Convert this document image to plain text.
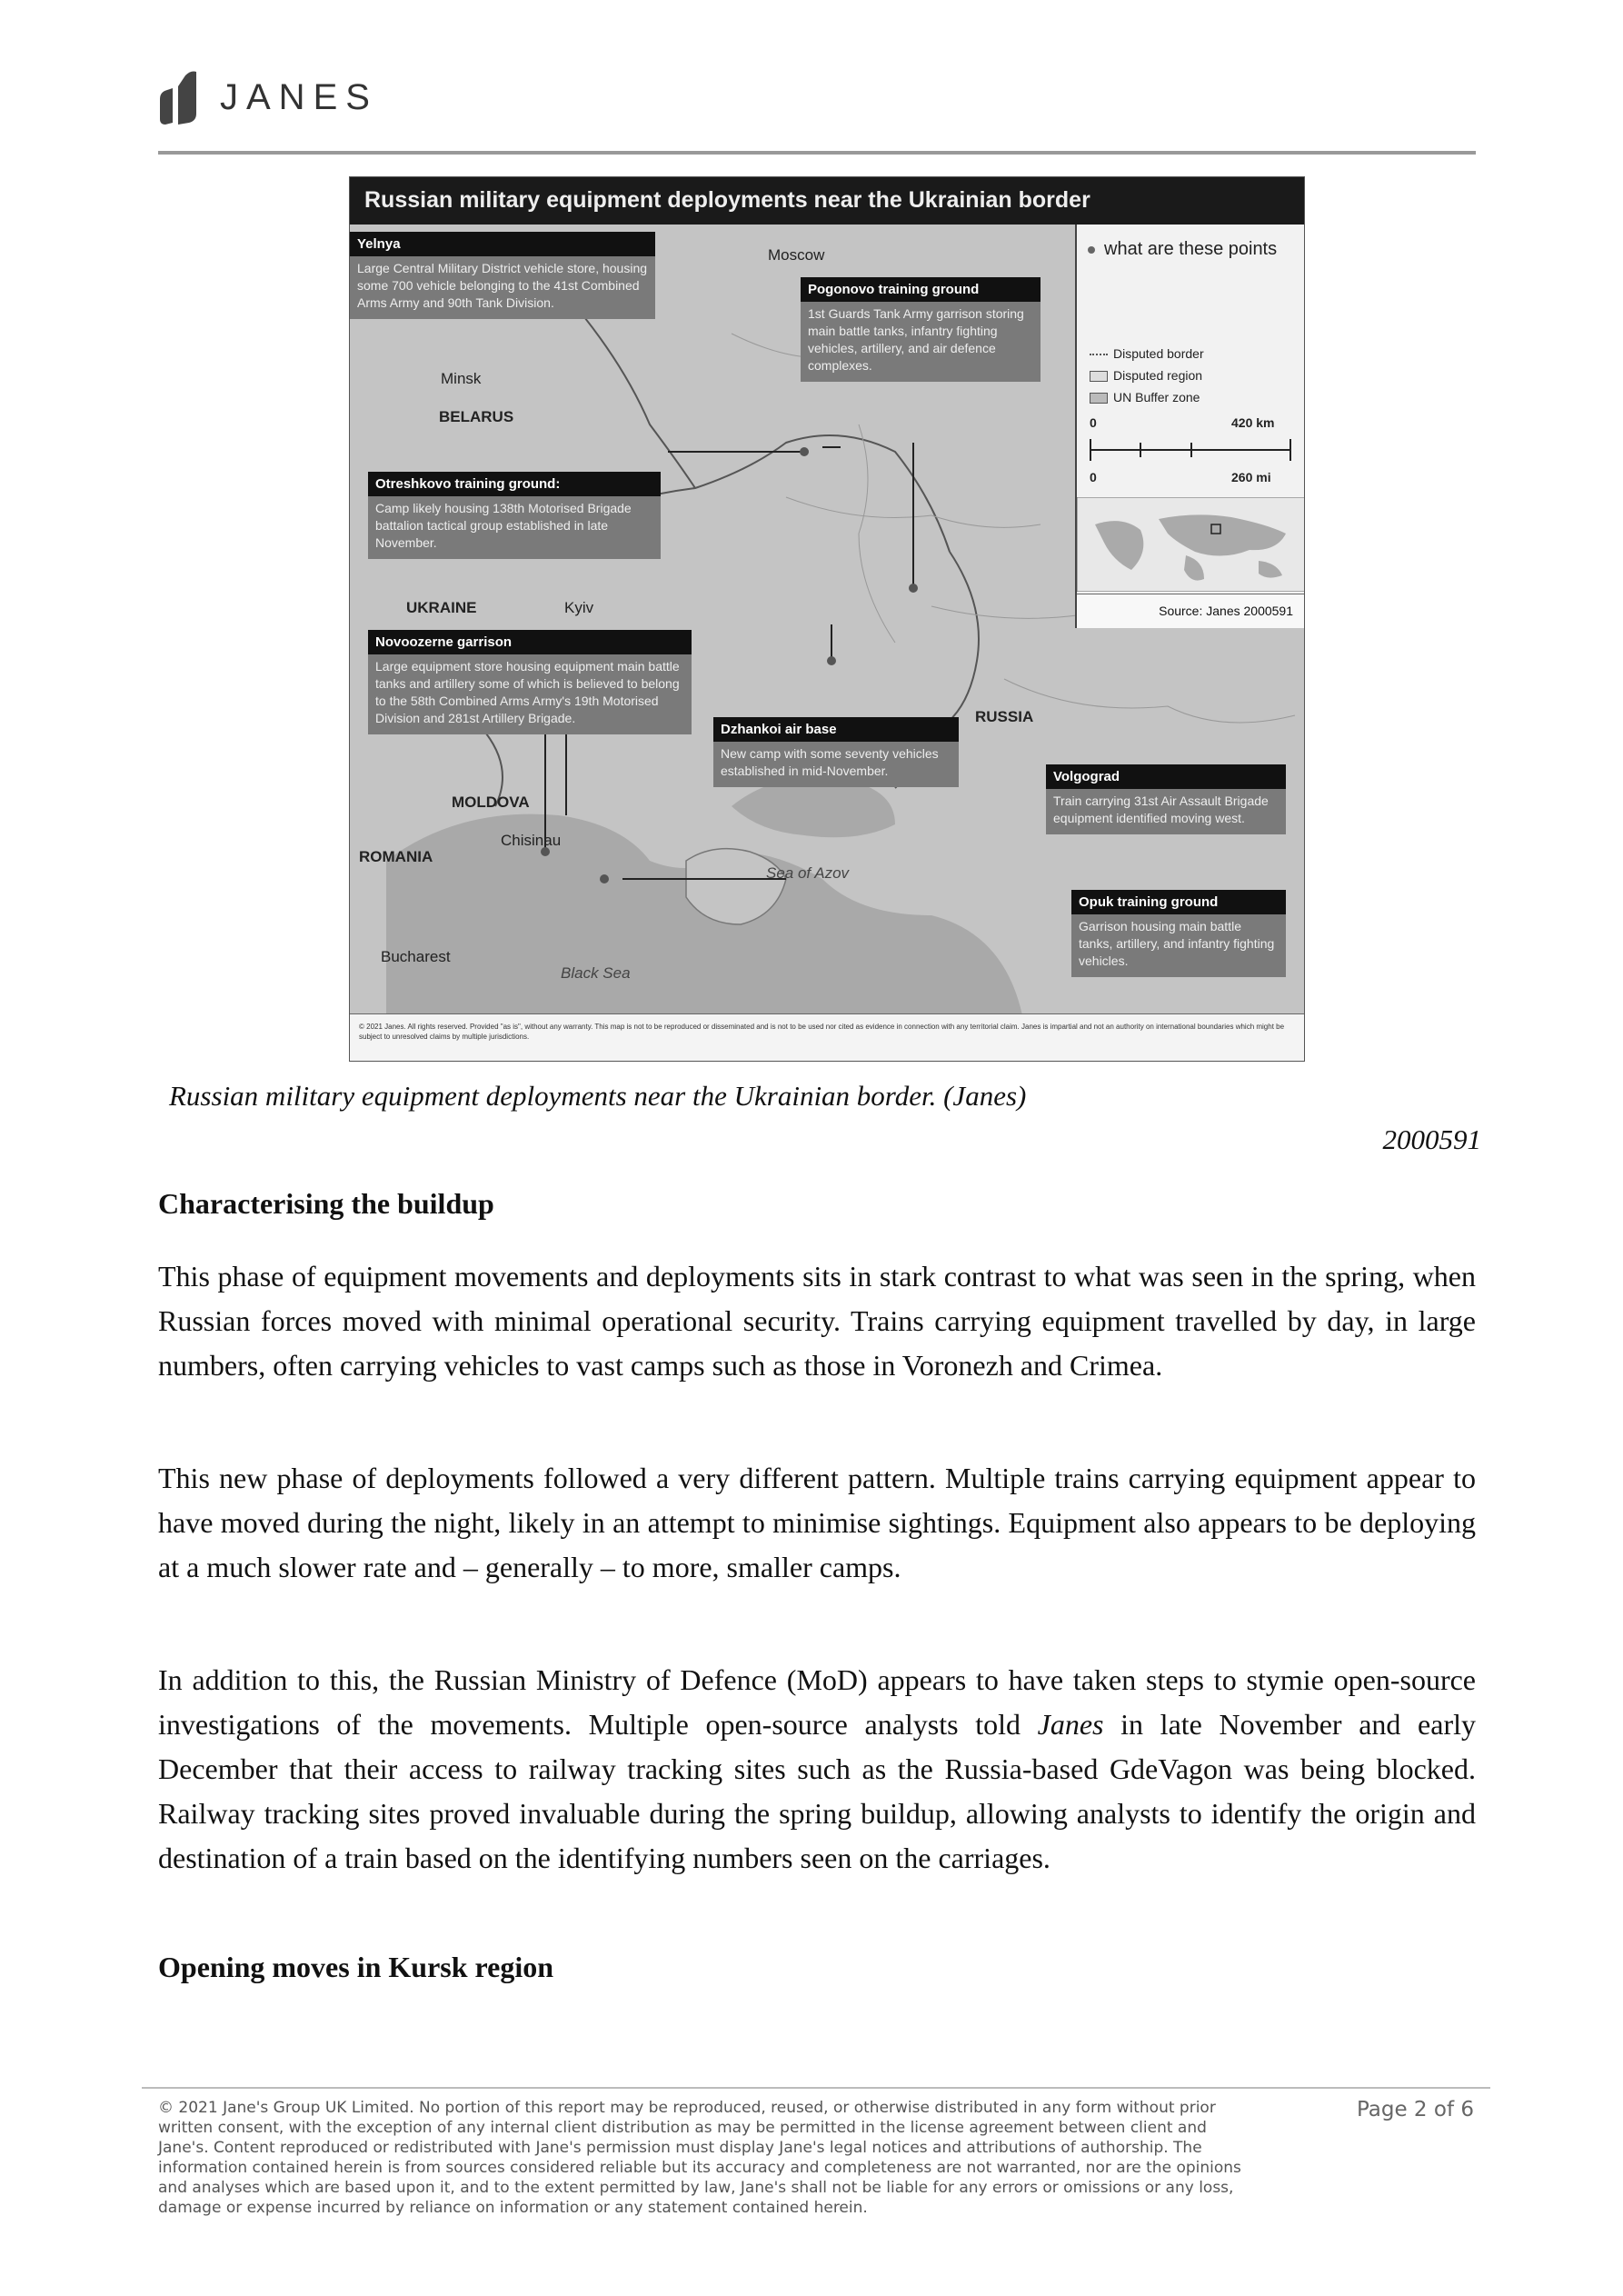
JANES
Russian military equipment deployments near the Ukrainian border
Moscow
BELARUS
Minsk
UKRAINE	Kyiv
RUSSIA
MOLDOVA
Chisinau
ROMANIA
Bucharest
Black Sea
Sea of Azov
Yelnya
Large Central Military District vehicle store, housing some 700 vehicle belonging to the 41st Combined Arms Army and 90th Tank Division.
Pogonovo training ground
1st Guards Tank Army garrison storing main battle tanks, infantry fighting vehicles, artillery, and air defence complexes.
Otreshkovo training ground:
Camp likely housing 138th Motorised Brigade battalion tactical group established in late November.
Novoozerne garrison
Large equipment store housing equipment main battle tanks and artillery some of which is believed to belong to the 58th Combined Arms Army's 19th Motorised Division and 281st Artillery Brigade.
Dzhankoi air base
New camp with some seventy vehicles established in mid-November.	Volgograd
Train carrying 31st Air Assault Brigade equipment identified moving west.
Opuk training ground
Garrison housing main battle tanks, artillery, and infantry fighting vehicles.
what are these points
Disputed border
Disputed region
UN Buffer zone
0	420 km
0	260 mi
Source: Janes 2000591
© 2021 Janes. All rights reserved. Provided "as is", without any warranty. This map is not to be reproduced or disseminated and is not to be used nor cited as evidence in connection with any territorial claim. Janes is impartial and not an authority on international boundaries which might be subject to unresolved claims by multiple jurisdictions.
Russian military equipment deployments near the Ukrainian border. (Janes)
2000591
Characterising the buildup
This phase of equipment movements and deployments sits in stark contrast to what was seen in the spring, when Russian forces moved with minimal operational security. Trains carrying equipment travelled by day, in large numbers, often carrying vehicles to vast camps such as those in Voronezh and Crimea.
This new phase of deployments followed a very different pattern. Multiple trains carrying equipment appear to have moved during the night, likely in an attempt to minimise sightings. Equipment also appears to be deploying at a much slower rate and – generally – to more, smaller camps.
In addition to this, the Russian Ministry of Defence (MoD) appears to have taken steps to stymie open-source investigations of the movements. Multiple open-source analysts told Janes in late November and early December that their access to railway tracking sites such as the Russia-based GdeVagon was being blocked. Railway tracking sites proved invaluable during the spring buildup, allowing analysts to identify the origin and destination of a train based on the identifying numbers seen on the carriages.
Opening moves in Kursk region
© 2021 Jane's Group UK Limited. No portion of this report may be reproduced, reused, or otherwise distributed in any form without prior written consent, with the exception of any internal client distribution as may be permitted in the license agreement between client and Jane's. Content reproduced or redistributed with Jane's permission must display Jane's legal notices and attributions of authorship. The information contained herein is from sources considered reliable but its accuracy and completeness are not warranted, nor are the opinions and analyses which are based upon it, and to the extent permitted by law, Jane's shall not be liable for any errors or omissions or any loss, damage or expense incurred by reliance on information or any statement contained herein.
Page 2 of 6
